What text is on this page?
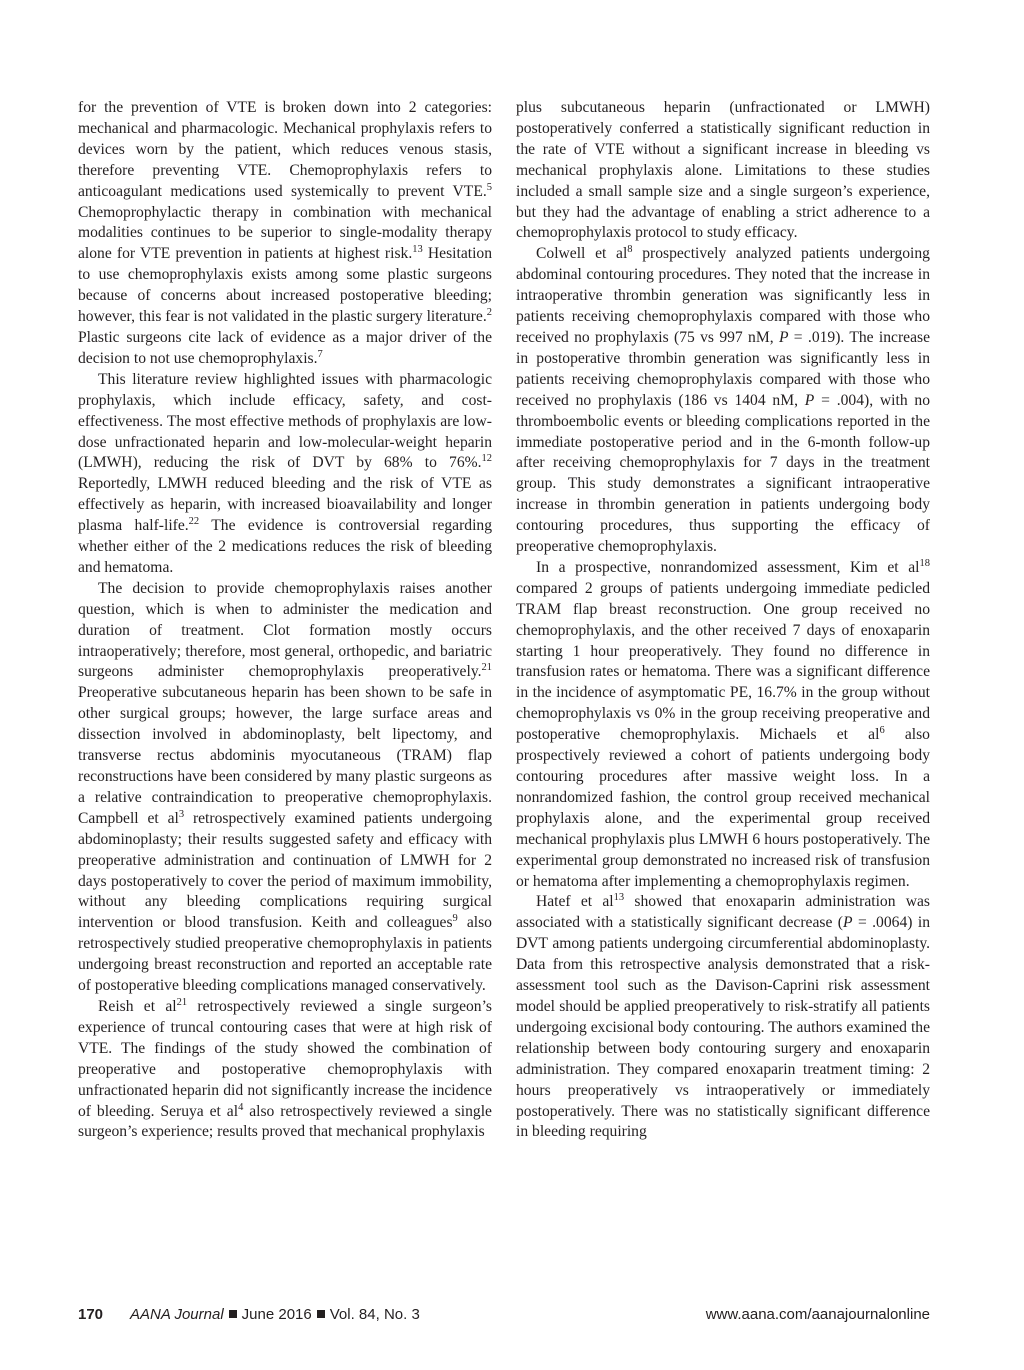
for the prevention of VTE is broken down into 2 categories: mechanical and pharmacologic. Mechanical prophylaxis refers to devices worn by the patient, which reduces venous stasis, therefore preventing VTE. Chemoprophylaxis refers to anticoagulant medications used systemically to prevent VTE.$^5$ Chemoprophylactic therapy in combination with mechanical modalities continues to be superior to single-modality therapy alone for VTE prevention in patients at highest risk.$^{13}$ Hesitation to use chemoprophylaxis exists among some plastic surgeons because of concerns about increased postoperative bleeding; however, this fear is not validated in the plastic surgery literature.$^2$ Plastic surgeons cite lack of evidence as a major driver of the decision to not use chemoprophylaxis.$^7$

This literature review highlighted issues with pharmacologic prophylaxis, which include efficacy, safety, and cost-effectiveness. The most effective methods of prophylaxis are low-dose unfractionated heparin and low-molecular-weight heparin (LMWH), reducing the risk of DVT by 68% to 76%.$^{12}$ Reportedly, LMWH reduced bleeding and the risk of VTE as effectively as heparin, with increased bioavailability and longer plasma half-life.$^{22}$ The evidence is controversial regarding whether either of the 2 medications reduces the risk of bleeding and hematoma.

The decision to provide chemoprophylaxis raises another question, which is when to administer the medication and duration of treatment. Clot formation mostly occurs intraoperatively; therefore, most general, orthopedic, and bariatric surgeons administer chemoprophylaxis preoperatively.$^{21}$ Preoperative subcutaneous heparin has been shown to be safe in other surgical groups; however, the large surface areas and dissection involved in abdominoplasty, belt lipectomy, and transverse rectus abdominis myocutaneous (TRAM) flap reconstructions have been considered by many plastic surgeons as a relative contraindication to preoperative chemoprophylaxis. Campbell et $al^3$ retrospectively examined patients undergoing abdominoplasty; their results suggested safety and efficacy with preoperative administration and continuation of LMWH for 2 days postoperatively to cover the period of maximum immobility, without any bleeding complications requiring surgical intervention or blood transfusion. Keith and colleagues$^9$ also retrospectively studied preoperative chemoprophylaxis in patients undergoing breast reconstruction and reported an acceptable rate of postoperative bleeding complications managed conservatively.

Reish et $al^{21}$ retrospectively reviewed a single surgeon’s experience of truncal contouring cases that were at high risk of VTE. The findings of the study showed the combination of preoperative and postoperative chemoprophylaxis with unfractionated heparin did not significantly increase the incidence of bleeding. Seruya et $al^4$ also retrospectively reviewed a single surgeon’s experience; results proved that mechanical prophylaxis

plus subcutaneous heparin (unfractionated or LMWH) postoperatively conferred a statistically significant reduction in the rate of VTE without a significant increase in bleeding vs mechanical prophylaxis alone. Limitations to these studies included a small sample size and a single surgeon’s experience, but they had the advantage of enabling a strict adherence to a chemoprophylaxis protocol to study efficacy.

Colwell et $al^8$ prospectively analyzed patients undergoing abdominal contouring procedures. They noted that the increase in intraoperative thrombin generation was significantly less in patients receiving chemoprophylaxis compared with those who received no prophylaxis (75 vs 997 nM, P = .019). The increase in postoperative thrombin generation was significantly less in patients receiving chemoprophylaxis compared with those who received no prophylaxis (186 vs 1404 nM, P = .004), with no thromboembolic events or bleeding complications reported in the immediate postoperative period and in the 6-month follow-up after receiving chemoprophylaxis for 7 days in the treatment group. This study demonstrates a significant intraoperative increase in thrombin generation in patients undergoing body contouring procedures, thus supporting the efficacy of preoperative chemoprophylaxis.

In a prospective, nonrandomized assessment, Kim et $al^{18}$ compared 2 groups of patients undergoing immediate pedicled TRAM flap breast reconstruction. One group received no chemoprophylaxis, and the other received 7 days of enoxaparin starting 1 hour preoperatively. They found no difference in transfusion rates or hematoma. There was a significant difference in the incidence of asymptomatic PE, 16.7% in the group without chemoprophylaxis vs 0% in the group receiving preoperative and postoperative chemoprophylaxis. Michaels et $al^6$ also prospectively reviewed a cohort of patients undergoing body contouring procedures after massive weight loss. In a nonrandomized fashion, the control group received mechanical prophylaxis alone, and the experimental group received mechanical prophylaxis plus LMWH 6 hours postoperatively. The experimental group demonstrated no increased risk of transfusion or hematoma after implementing a chemoprophylaxis regimen.

Hatef et $al^{13}$ showed that enoxaparin administration was associated with a statistically significant decrease (P = .0064) in DVT among patients undergoing circumferential abdominoplasty. Data from this retrospective analysis demonstrated that a risk-assessment tool such as the Davison-Caprini risk assessment model should be applied preoperatively to risk-stratify all patients undergoing excisional body contouring. The authors examined the relationship between body contouring surgery and enoxaparin administration. They compared enoxaparin treatment timing: 2 hours preoperatively vs intraoperatively or immediately postoperatively. There was no statistically significant difference in bleeding requiring

170 AANA Journal June 2016 Vol. 84, No. 3	www.aana.com/aanajournalonline
